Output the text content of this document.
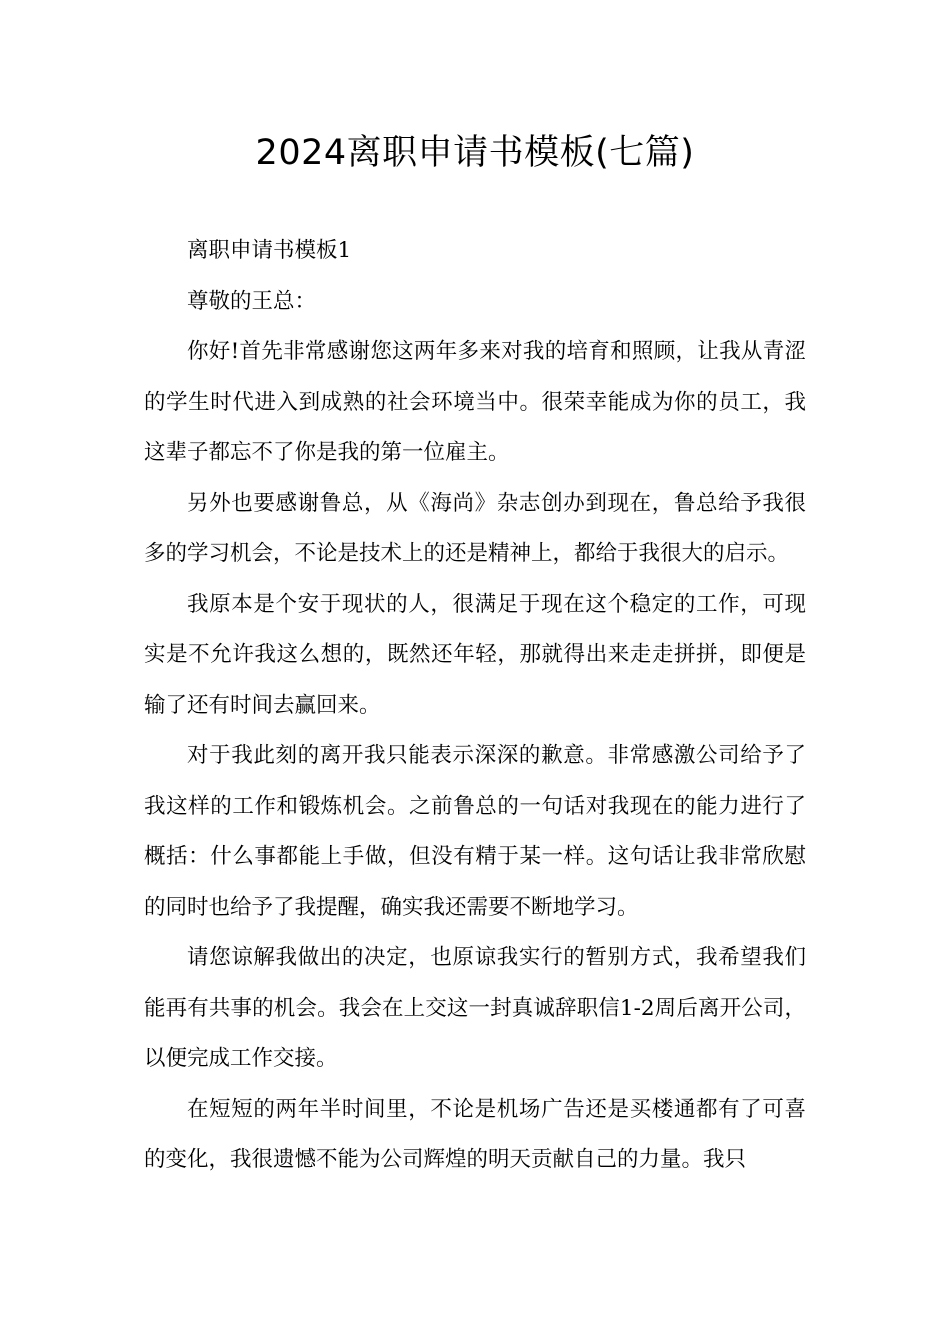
2024离职申请书模板(七篇)

离职申请书模板1

尊敬的王总：

你好!首先非常感谢您这两年多来对我的培育和照顾，让我从青涩的学生时代进入到成熟的社会环境当中。很荣幸能成为你的员工，我这辈子都忘不了你是我的第一位雇主。

另外也要感谢鲁总，从《海尚》杂志创办到现在，鲁总给予我很多的学习机会，不论是技术上的还是精神上，都给于我很大的启示。

我原本是个安于现状的人，很满足于现在这个稳定的工作，可现实是不允许我这么想的，既然还年轻，那就得出来走走拼拼，即便是输了还有时间去赢回来。

对于我此刻的离开我只能表示深深的歉意。非常感激公司给予了我这样的工作和锻炼机会。之前鲁总的一句话对我现在的能力进行了概括：什么事都能上手做，但没有精于某一样。这句话让我非常欣慰的同时也给予了我提醒，确实我还需要不断地学习。

请您谅解我做出的决定，也原谅我实行的暂别方式，我希望我们能再有共事的机会。我会在上交这一封真诚辞职信1-2周后离开公司，以便完成工作交接。

在短短的两年半时间里，不论是机场广告还是买楼通都有了可喜的变化，我很遗憾不能为公司辉煌的明天贡献自己的力量。我只
